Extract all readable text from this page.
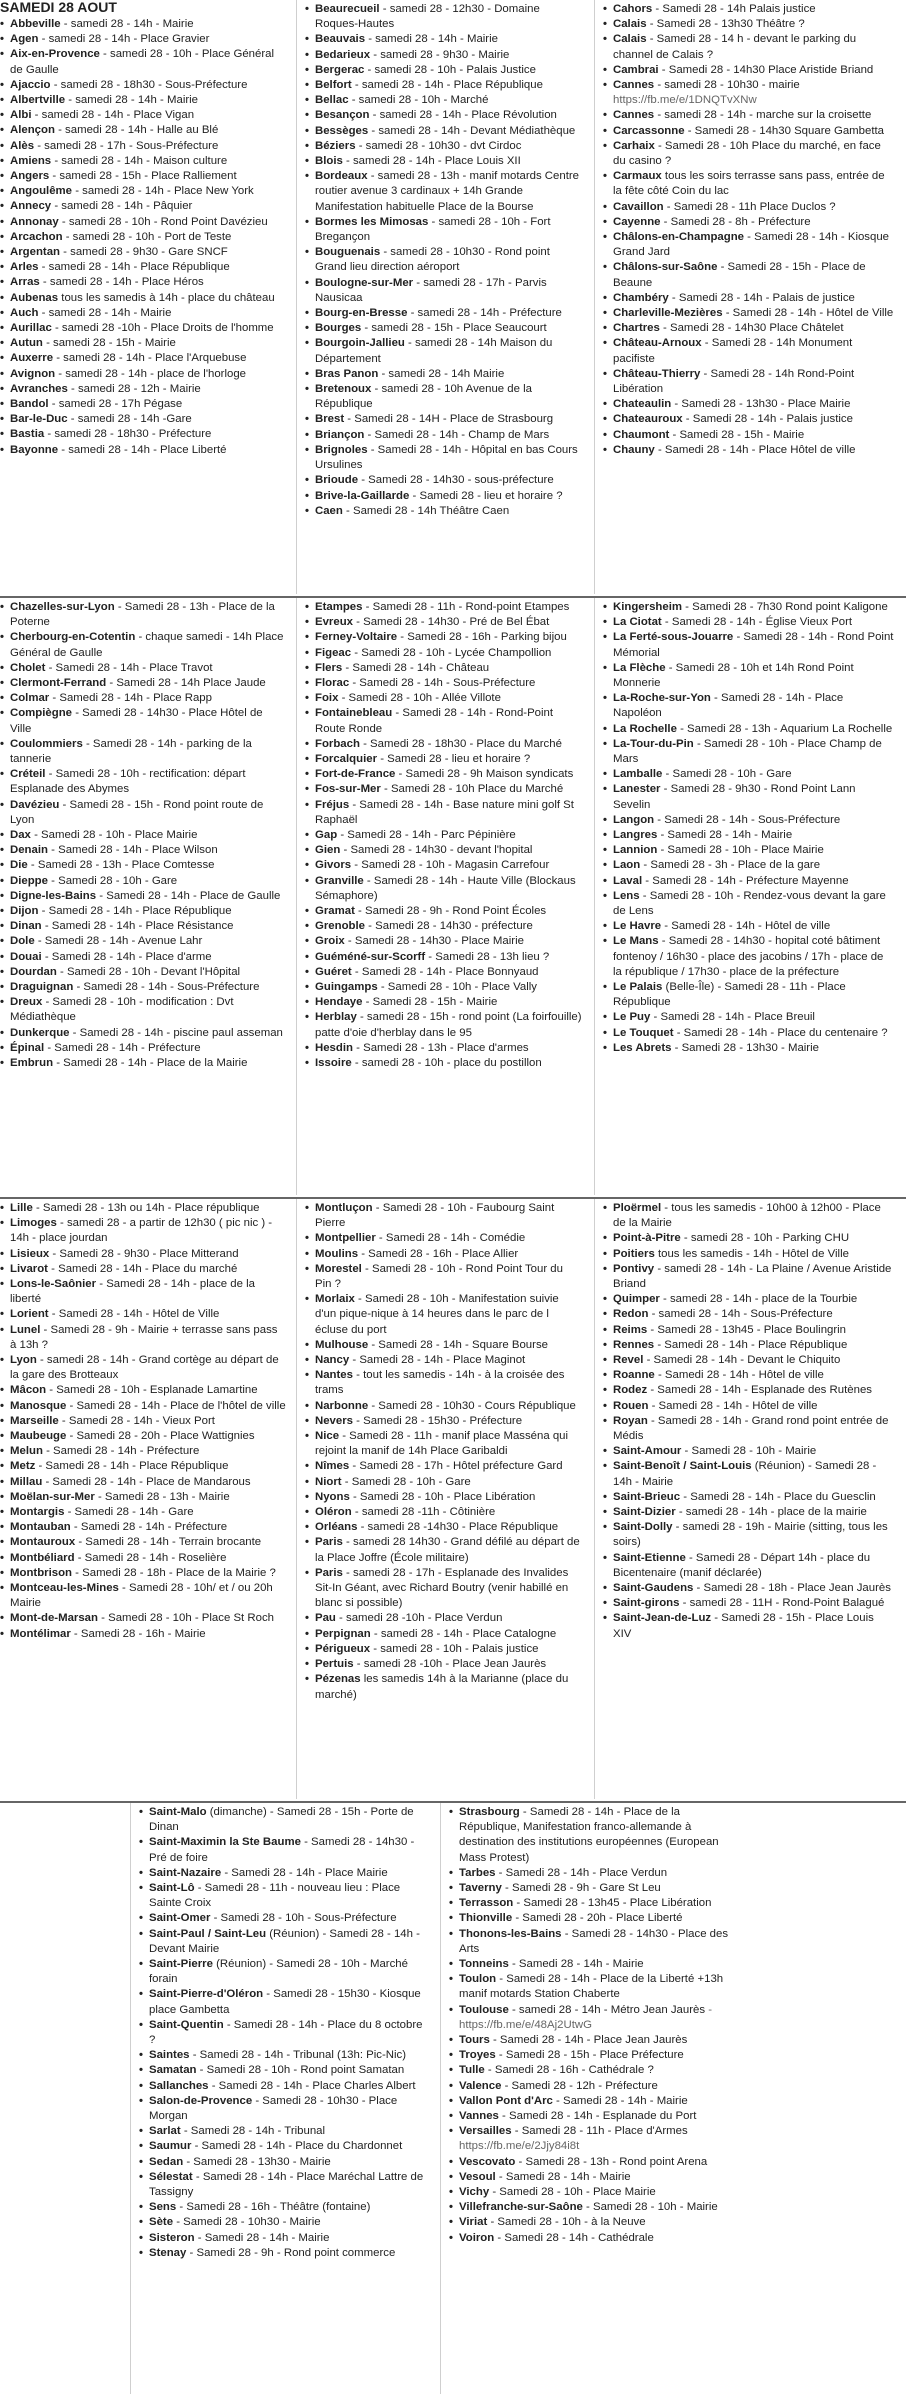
SAMEDI 28 AOUT
• Abbeville - samedi 28 - 14h - Mairie
• Agen - samedi 28 - 14h - Place Gravier
• Aix-en-Provence - samedi 28 - 10h - Place Général de Gaulle
• Ajaccio - samedi 28 - 18h30 - Sous-Préfecture
• Albertville - samedi 28 - 14h - Mairie
• Albi - samedi 28 - 14h - Place Vigan
• Alençon - samedi 28 - 14h - Halle au Blé
• Alès - samedi 28 - 17h - Sous-Préfecture
• Amiens - samedi 28 - 14h - Maison culture
• Angers - samedi 28 - 15h - Place Ralliement
• Angoulême - samedi 28 - 14h - Place New York
• Annecy - samedi 28 - 14h - Pâquier
• Annonay - samedi 28 - 10h - Rond Point Davézieu
• Arcachon - samedi 28 - 10h - Port de Teste
• Argentan - samedi 28 - 9h30 - Gare SNCF
• Arles - samedi 28 - 14h - Place République
• Arras - samedi 28 - 14h - Place Héros
• Aubenas tous les samedis à 14h - place du château
• Auch - samedi 28 - 14h - Mairie
• Aurillac - samedi 28 -10h - Place Droits de l'homme
• Autun - samedi 28 - 15h - Mairie
• Auxerre - samedi 28 - 14h - Place l'Arquebuse
• Avignon - samedi 28 - 14h - place de l'horloge
• Avranches - samedi 28 - 12h - Mairie
• Bandol - samedi 28 - 17h Pégase
• Bar-le-Duc - samedi 28 - 14h -Gare
• Bastia - samedi 28 - 18h30 - Préfecture
• Bayonne - samedi 28 - 14h - Place Liberté
• Beaurecueil - samedi 28 - 12h30 - Domaine Roques-Hautes
• Beauvais - samedi 28 - 14h - Mairie
• Bedarieux - samedi 28 - 9h30 - Mairie
• Bergerac - samedi 28 - 10h - Palais Justice
• Belfort - samedi 28 - 14h - Place République
• Bellac - samedi 28 - 10h - Marché
• Besançon - samedi 28 - 14h - Place Révolution
• Bessèges - samedi 28 - 14h - Devant Médiathèque
• Béziers - samedi 28 - 10h30 - dvt Cirdoc
• Blois - samedi 28 - 14h - Place Louis XII
• Bordeaux - samedi 28 - 13h - manif motards Centre routier avenue 3 cardinaux + 14h Grande Manifestation habituelle Place de la Bourse
• Bormes les Mimosas - samedi 28 - 10h - Fort Breganҫon
• Bouguenais - samedi 28 - 10h30 - Rond point Grand lieu direction aéroport
• Boulogne-sur-Mer - samedi 28 - 17h - Parvis Nausicaa
• Bourg-en-Bresse - samedi 28 - 14h - Préfecture
• Bourges - samedi 28 - 15h - Place Seaucourt
• Bourgoin-Jallieu - samedi 28 - 14h Maison du Département
• Bras Panon - samedi 28 - 14h Mairie
• Bretenoux - samedi 28 - 10h Avenue de la République
• Brest - Samedi 28 - 14H - Place de Strasbourg
• Briançon - Samedi 28 - 14h - Champ de Mars
• Brignoles - Samedi 28 - 14h - Hôpital en bas Cours Ursulines
• Brioude - Samedi 28 - 14h30 - sous-préfecture
• Brive-la-Gaillarde - Samedi 28 - lieu et horaire ?
• Caen - Samedi 28 - 14h Théâtre Caen
• Cahors - Samedi 28 - 14h Palais justice
• Calais - Samedi 28 - 13h30 Théâtre ?
• Calais - Samedi 28 - 14 h - devant le parking du channel de Calais ?
• Cambrai - Samedi 28 - 14h30 Place Aristide Briand
• Cannes - samedi 28 - 10h30 - mairie https://fb.me/e/1DNQTvXNw
• Cannes - samedi 28 - 14h - marche sur la croisette
• Carcassonne - Samedi 28 - 14h30 Square Gambetta
• Carhaix - Samedi 28 - 10h Place du marché, en face du casino ?
• Carmaux tous les soirs terrasse sans pass, entrée de la fête côté Coin du lac
• Cavaillon - Samedi 28 - 11h Place Duclos ?
• Cayenne - Samedi 28 - 8h - Préfecture
• Châlons-en-Champagne - Samedi 28 - 14h - Kiosque Grand Jard
• Châlons-sur-Saône - Samedi 28 - 15h - Place de Beaune
• Chambéry - Samedi 28 - 14h - Palais de justice
• Charleville-Mezières - Samedi 28 - 14h - Hôtel de Ville
• Chartres - Samedi 28 - 14h30 Place Châtelet
• Château-Arnoux - Samedi 28 - 14h Monument pacifiste
• Château-Thierry - Samedi 28 - 14h Rond-Point Libération
• Chateaulin - Samedi 28 - 13h30 - Place Mairie
• Chateauroux - Samedi 28 - 14h - Palais justice
• Chaumont - Samedi 28 - 15h - Mairie
• Chauny - Samedi 28 - 14h - Place Hôtel de ville
• Chazelles-sur-Lyon - Samedi 28 - 13h - Place de la Poterne
• Cherbourg-en-Cotentin - chaque samedi - 14h Place Général de Gaulle
• Cholet - Samedi 28 - 14h - Place Travot
• Clermont-Ferrand - Samedi 28 - 14h Place Jaude
• Colmar - Samedi 28 - 14h - Place Rapp
• Compiègne - Samedi 28 - 14h30 - Place Hôtel de Ville
• Coulommiers - Samedi 28 - 14h - parking de la tannerie
• Créteil - Samedi 28 - 10h - rectification: départ Esplanade des Abymes
• Davézieu - Samedi 28 - 15h - Rond point route de Lyon
• Dax - Samedi 28 - 10h - Place Mairie
• Denain - Samedi 28 - 14h - Place Wilson
• Die - Samedi 28 - 13h - Place Comtesse
• Dieppe - Samedi 28 - 10h - Gare
• Digne-les-Bains - Samedi 28 - 14h - Place de Gaulle
• Dijon - Samedi 28 - 14h - Place République
• Dinan - Samedi 28 - 14h - Place Résistance
• Dole - Samedi 28 - 14h - Avenue Lahr
• Douai - Samedi 28 - 14h - Place d'arme
• Dourdan - Samedi 28 - 10h - Devant l'Hôpital
• Draguignan - Samedi 28 - 14h - Sous-Préfecture
• Dreux - Samedi 28 - 10h - modification : Dvt Médiathèque
• Dunkerque - Samedi 28 - 14h - piscine paul asseman
• Épinal - Samedi 28 - 14h - Préfecture
• Embrun - Samedi 28 - 14h - Place de la Mairie
• Etampes - Samedi 28 - 11h - Rond-point Etampes
• Evreux - Samedi 28 - 14h30 - Pré de Bel Ébat
• Ferney-Voltaire - Samedi 28 - 16h - Parking bijou
• Figeac - Samedi 28 - 10h - Lycée Champollion
• Flers - Samedi 28 - 14h - Château
• Florac - Samedi 28 - 14h - Sous-Préfecture
• Foix - Samedi 28 - 10h - Allée Villote
• Fontainebleau - Samedi 28 - 14h - Rond-Point Route Ronde
• Forbach - Samedi 28 - 18h30 - Place du Marché
• Forcalquier - Samedi 28 - lieu et horaire ?
• Fort-de-France - Samedi 28 - 9h Maison syndicats
• Fos-sur-Mer - Samedi 28 - 10h Place du Marché
• Fréjus - Samedi 28 - 14h - Base nature mini golf St Raphaël
• Gap - Samedi 28 - 14h - Parc Pépinière
• Gien - Samedi 28 - 14h30 - devant l'hopital
• Givors - Samedi 28 - 10h - Magasin Carrefour
• Granville - Samedi 28 - 14h - Haute Ville (Blockaus Sémaphore)
• Gramat - Samedi 28 - 9h - Rond Point Écoles
• Grenoble - Samedi 28 - 14h30 - préfecture
• Groix - Samedi 28 - 14h30 - Place Mairie
• Guéméné-sur-Scorff - Samedi 28 - 13h lieu ?
• Guéret - Samedi 28 - 14h - Place Bonnyaud
• Guingamps - Samedi 28 - 10h - Place Vally
• Hendaye - Samedi 28 - 15h - Mairie
• Herblay - samedi 28 - 15h - rond point (La foirfouille) patte d'oie d'herblay dans le 95
• Hesdin - Samedi 28 - 13h - Place d'armes
• Issoire - samedi 28 - 10h - place du postillon
• Kingersheim - Samedi 28 - 7h30 Rond point Kaligone
• La Ciotat - Samedi 28 - 14h - Église Vieux Port
• La Ferté-sous-Jouarre - Samedi 28 - 14h - Rond Point Mémorial
• La Flèche - Samedi 28 - 10h et 14h Rond Point Monnerie
• La-Roche-sur-Yon - Samedi 28 - 14h - Place Napoléon
• La Rochelle - Samedi 28 - 13h - Aquarium La Rochelle
• La-Tour-du-Pin - Samedi 28 - 10h - Place Champ de Mars
• Lamballe - Samedi 28 - 10h - Gare
• Lanester - Samedi 28 - 9h30 - Rond Point Lann Sevelin
• Langon - Samedi 28 - 14h - Sous-Préfecture
• Langres - Samedi 28 - 14h - Mairie
• Lannion - Samedi 28 - 10h - Place Mairie
• Laon - Samedi 28 - 3h - Place de la gare
• Laval - Samedi 28 - 14h - Préfecture Mayenne
• Lens - Samedi 28 - 10h - Rendez-vous devant la gare de Lens
• Le Havre - Samedi 28 - 14h - Hôtel de ville
• Le Mans - Samedi 28 - 14h30 - hopital coté bâtiment fontenoy / 16h30 - place des jacobins / 17h - place de la république / 17h30 - place de la préfecture
• Le Palais (Belle-Île) - Samedi 28 - 11h - Place République
• Le Puy - Samedi 28 - 14h - Place Breuil
• Le Touquet - Samedi 28 - 14h - Place du centenaire ?
• Les Abrets - Samedi 28 - 13h30 - Mairie
• Lille - Samedi 28 - 13h ou 14h - Place république
• Limoges - samedi 28 - a partir de 12h30 ( pic nic ) - 14h - place jourdan
• Lisieux - Samedi 28 - 9h30 - Place Mitterand
• Livarot - Samedi 28 - 14h - Place du marché
• Lons-le-Saônier - Samedi 28 - 14h - place de la liberté
• Lorient - Samedi 28 - 14h - Hôtel de Ville
• Lunel - Samedi 28 - 9h - Mairie + terrasse sans pass à 13h ?
• Lyon - samedi 28 - 14h - Grand cortège au départ de la gare des Brotteaux
• Mâcon - Samedi 28 - 10h - Esplanade Lamartine
• Manosque - Samedi 28 - 14h - Place de l'hôtel de ville
• Marseille - Samedi 28 - 14h - Vieux Port
• Maubeuge - Samedi 28 - 20h - Place Wattignies
• Melun - Samedi 28 - 14h - Préfecture
• Metz - Samedi 28 - 14h - Place République
• Millau - Samedi 28 - 14h - Place de Mandarous
• Moëlan-sur-Mer - Samedi 28 - 13h - Mairie
• Montargis - Samedi 28 - 14h - Gare
• Montauban - Samedi 28 - 14h - Préfecture
• Montauroux - Samedi 28 - 14h - Terrain brocante
• Montbéliard - Samedi 28 - 14h - Roselière
• Montbrison - Samedi 28 - 18h - Place de la Mairie ?
• Montceau-les-Mines - Samedi 28 - 10h/ et / ou 20h Mairie
• Mont-de-Marsan - Samedi 28 - 10h - Place St Roch
• Montélimar - Samedi 28 - 16h - Mairie
• Montluçon - Samedi 28 - 10h - Faubourg Saint Pierre
• Montpellier - Samedi 28 - 14h - Comédie
• Moulins - Samedi 28 - 16h - Place Allier
• Morestel - Samedi 28 - 10h - Rond Point Tour du Pin ?
• Morlaix - Samedi 28 - 10h - Manifestation suivie d'un pique-nique à 14 heures dans le parc de l écluse du port
• Mulhouse - Samedi 28 - 14h - Square Bourse
• Nancy - Samedi 28 - 14h - Place Maginot
• Nantes - tout les samedis - 14h - à la croisée des trams
• Narbonne - Samedi 28 - 10h30 - Cours République
• Nevers - Samedi 28 - 15h30 - Préfecture
• Nice - Samedi 28 - 11h - manif place Masséna qui rejoint la manif de 14h Place Garibaldi
• Nîmes - Samedi 28 - 17h - Hôtel préfecture Gard
• Niort - Samedi 28 - 10h - Gare
• Nyons - Samedi 28 - 10h - Place Libération
• Oléron - samedi 28 -11h - Côtinière
• Orléans - samedi 28 -14h30 - Place République
• Paris - samedi 28 14h30 - Grand défilé au départ de la Place Joffre (École militaire)
• Paris - samedi 28 - 17h - Esplanade des Invalides Sit-In Géant, avec Richard Boutry (venir habillé en blanc si possible)
• Pau - samedi 28 -10h - Place Verdun
• Perpignan - samedi 28 - 14h - Place Catalogne
• Périgueux - samedi 28 - 10h - Palais justice
• Pertuis - samedi 28 -10h - Place Jean Jaurès
• Pézenas les samedis 14h à la Marianne (place du marché)
• Ploërmel - tous les samedis - 10h00 à 12h00 - Place de la Mairie
• Point-à-Pitre - samedi 28 - 10h - Parking CHU
• Poitiers tous les samedis - 14h - Hôtel de Ville
• Pontivy - samedi 28 - 14h - La Plaine / Avenue Aristide Briand
• Quimper - samedi 28 - 14h - place de la Tourbie
• Redon - samedi 28 - 14h - Sous-Préfecture
• Reims - Samedi 28 - 13h45 - Place Boulingrin
• Rennes - Samedi 28 - 14h - Place République
• Revel - Samedi 28 - 14h - Devant le Chiquito
• Roanne - Samedi 28 - 14h - Hôtel de ville
• Rodez - Samedi 28 - 14h - Esplanade des Rutènes
• Rouen - Samedi 28 - 14h - Hôtel de ville
• Royan - Samedi 28 - 14h - Grand rond point entrée de Médis
• Saint-Amour - Samedi 28 - 10h - Mairie
• Saint-Benoît / Saint-Louis (Réunion) - Samedi 28 - 14h - Mairie
• Saint-Brieuc - Samedi 28 - 14h - Place du Guesclin
• Saint-Dizier - samedi 28 - 14h - place de la mairie
• Saint-Dolly - samedi 28 - 19h - Mairie (sitting, tous les soirs)
• Saint-Etienne - Samedi 28 - Départ 14h - place du Bicentenaire (manif déclarée)
• Saint-Gaudens - Samedi 28 - 18h - Place Jean Jaurès
• Saint-girons - samedi 28 - 11H - Rond-Point Balagué
• Saint-Jean-de-Luz - Samedi 28 - 15h - Place Louis XIV
• Saint-Malo (dimanche) - Samedi 28 - 15h - Porte de Dinan
• Saint-Maximin la Ste Baume - Samedi 28 - 14h30 - Pré de foire
• Saint-Nazaire - Samedi 28 - 14h - Place Mairie
• Saint-Lô - Samedi 28 - 11h - nouveau lieu : Place Sainte Croix
• Saint-Omer - Samedi 28 - 10h - Sous-Préfecture
• Saint-Paul / Saint-Leu (Réunion) - Samedi 28 - 14h - Devant Mairie
• Saint-Pierre (Réunion) - Samedi 28 - 10h - Marché forain
• Saint-Pierre-d'Oléron - Samedi 28 - 15h30 - Kiosque place Gambetta
• Saint-Quentin - Samedi 28 - 14h - Place du 8 octobre ?
• Saintes - Samedi 28 - 14h - Tribunal (13h: Pic-Nic)
• Samatan - Samedi 28 - 10h - Rond point Samatan
• Sallanches - Samedi 28 - 14h - Place Charles Albert
• Salon-de-Provence - Samedi 28 - 10h30 - Place Morgan
• Sarlat - Samedi 28 - 14h - Tribunal
• Saumur - Samedi 28 - 14h - Place du Chardonnet
• Sedan - Samedi 28 - 13h30 - Mairie
• Sélestat - Samedi 28 - 14h - Place Maréchal Lattre de Tassigny
• Sens - Samedi 28 - 16h - Théâtre (fontaine)
• Sète - Samedi 28 - 10h30 - Mairie
• Sisteron - Samedi 28 - 14h - Mairie
• Stenay - Samedi 28 - 9h - Rond point commerce
• Strasbourg - Samedi 28 - 14h - Place de la République, Manifestation franco-allemande à destination des institutions européennes (European Mass Protest)
• Tarbes - Samedi 28 - 14h - Place Verdun
• Taverny - Samedi 28 - 9h - Gare St Leu
• Terrasson - Samedi 28 - 13h45 - Place Libération
• Thionville - Samedi 28 - 20h - Place Liberté
• Thonons-les-Bains - Samedi 28 - 14h30 - Place des Arts
• Tonneins - Samedi 28 - 14h - Mairie
• Toulon - Samedi 28 - 14h - Place de la Liberté +13h manif motards Station Chaberte
• Toulouse - samedi 28 - 14h - Métro Jean Jaurès - https://fb.me/e/48Aj2UtwG
• Tours - Samedi 28 - 14h - Place Jean Jaurès
• Troyes - Samedi 28 - 15h - Place Préfecture
• Tulle - Samedi 28 - 16h - Cathédrale ?
• Valence - Samedi 28 - 12h - Préfecture
• Vallon Pont d'Arc - Samedi 28 - 14h - Mairie
• Vannes - Samedi 28 - 14h - Esplanade du Port
• Versailles - Samedi 28 - 11h - Place d'Armes https://fb.me/e/2Jjy84i8t
• Vescovato - Samedi 28 - 13h - Rond point Arena
• Vesoul - Samedi 28 - 14h - Mairie
• Vichy - Samedi 28 - 10h - Place Mairie
• Villefranche-sur-Saône - Samedi 28 - 10h - Mairie
• Viriat - Samedi 28 - 10h - à la Neuve
• Voiron - Samedi 28 - 14h - Cathédrale
